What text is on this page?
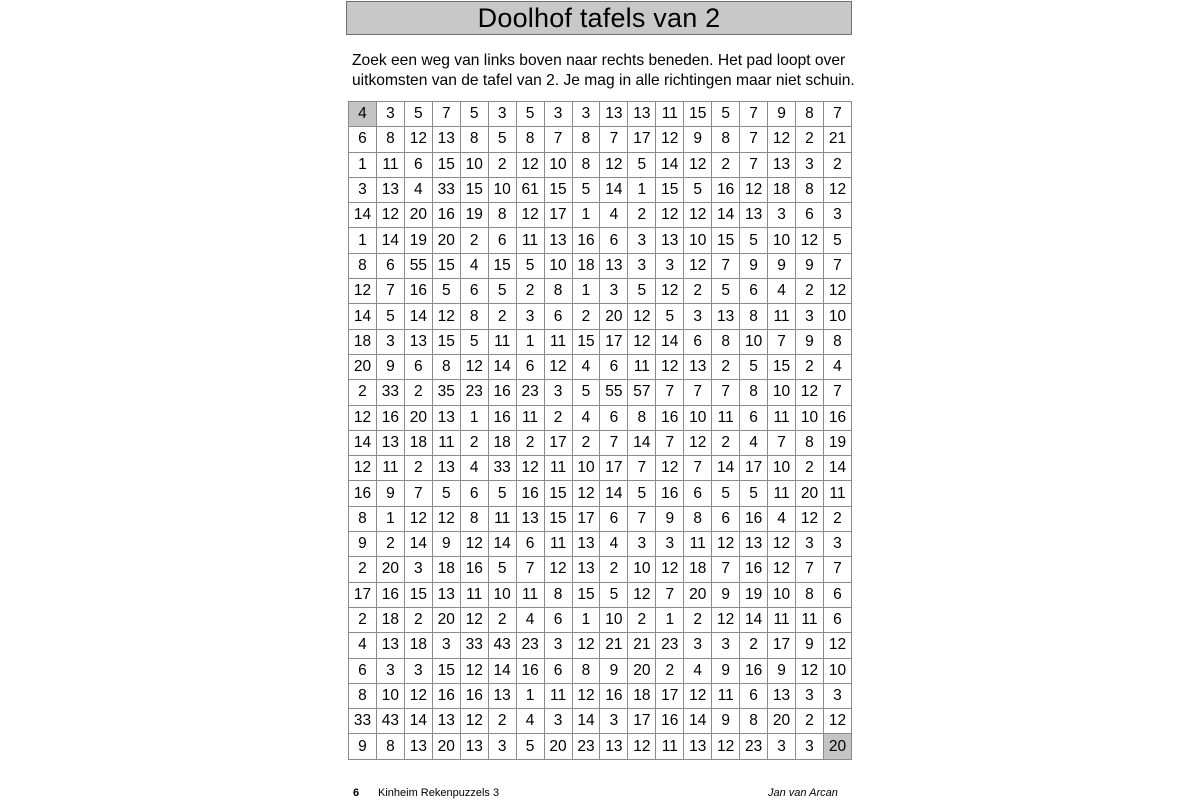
Doolhof tafels van 2
Zoek een weg van links boven naar rechts beneden. Het pad loopt over
uitkomsten van de tafel van 2. Je mag in alle richtingen maar niet schuin.
4	3	5	7	5	3	5	3	3	13	13	11	15	5	7	9	8	7
6	8	12	13	8	5	8	7	8	7	17	12	9	8	7	12	2	21
1	11	6	15	10	2	12	10	8	12	5	14	12	2	7	13	3	2
3	13	4	33	15	10	61	15	5	14	1	15	5	16	12	18	8	12
14	12	20	16	19	8	12	17	1	4	2	12	12	14	13	3	6	3
1	14	19	20	2	6	11	13	16	6	3	13	10	15	5	10	12	5
8	6	55	15	4	15	5	10	18	13	3	3	12	7	9	9	9	7
12	7	16	5	6	5	2	8	1	3	5	12	2	5	6	4	2	12
14	5	14	12	8	2	3	6	2	20	12	5	3	13	8	11	3	10
18	3	13	15	5	11	1	11	15	17	12	14	6	8	10	7	9	8
20	9	6	8	12	14	6	12	4	6	11	12	13	2	5	15	2	4
2	33	2	35	23	16	23	3	5	55	57	7	7	7	8	10	12	7
12	16	20	13	1	16	11	2	4	6	8	16	10	11	6	11	10	16
14	13	18	11	2	18	2	17	2	7	14	7	12	2	4	7	8	19
12	11	2	13	4	33	12	11	10	17	7	12	7	14	17	10	2	14
16	9	7	5	6	5	16	15	12	14	5	16	6	5	5	11	20	11
8	1	12	12	8	11	13	15	17	6	7	9	8	6	16	4	12	2
9	2	14	9	12	14	6	11	13	4	3	3	11	12	13	12	3	3
2	20	3	18	16	5	7	12	13	2	10	12	18	7	16	12	7	7
17	16	15	13	11	10	11	8	15	5	12	7	20	9	19	10	8	6
2	18	2	20	12	2	4	6	1	10	2	1	2	12	14	11	11	6
4	13	18	3	33	43	23	3	12	21	21	23	3	3	2	17	9	12
6	3	3	15	12	14	16	6	8	9	20	2	4	9	16	9	12	10
8	10	12	16	16	13	1	11	12	16	18	17	12	11	6	13	3	3
33	43	14	13	12	2	4	3	14	3	17	16	14	9	8	20	2	12
9	8	13	20	13	3	5	20	23	13	12	11	13	12	23	3	3	20
6 Kinheim Rekenpuzzels 3	Jan van Arcan
